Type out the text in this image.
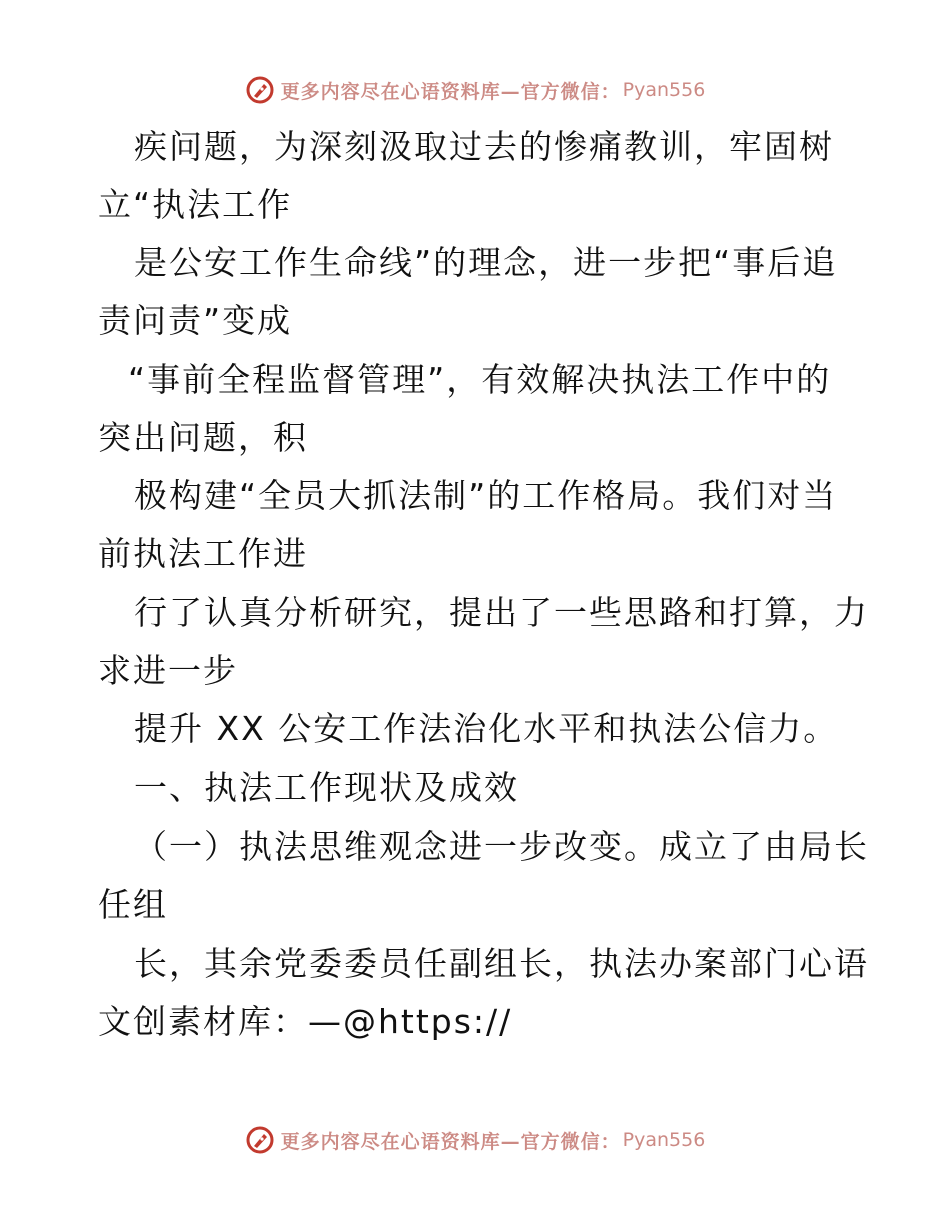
更多内容尽在心语资料库—官方微信： Pyan556
疾问题，为深刻汲取过去的惨痛教训，牢固树
立“执法工作
是公安工作生命线”的理念，进一步把“事后追
责问责”变成
“事前全程监督管理”，有效解决执法工作中的
突出问题，积
极构建“全员大抓法制”的工作格局。我们对当
前执法工作进
行了认真分析研究，提出了一些思路和打算，力
求进一步
提升 XX 公安工作法治化水平和执法公信力。
一、执法工作现状及成效
（一）执法思维观念进一步改变。成立了由局长
任组
长，其余党委委员任副组长，执法办案部门心语
文创素材库：—@https://
更多内容尽在心语资料库—官方微信： Pyan556
